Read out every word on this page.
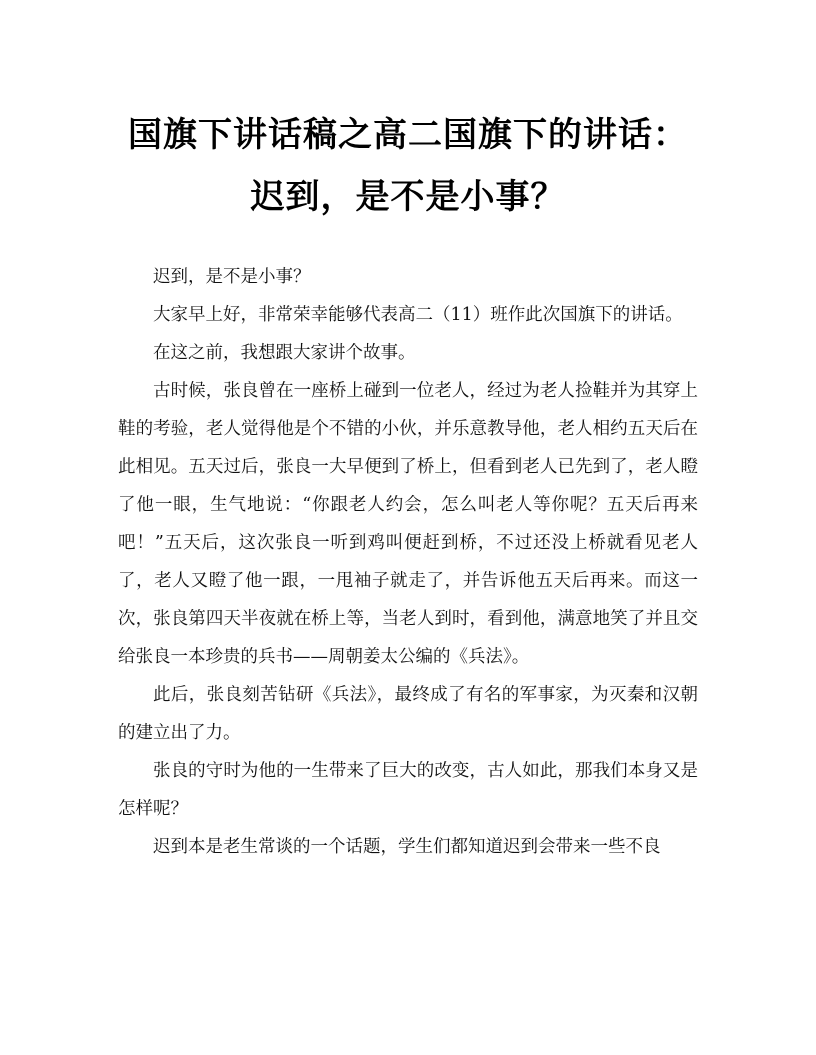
国旗下讲话稿之高二国旗下的讲话：迟到，是不是小事？

迟到，是不是小事？

大家早上好，非常荣幸能够代表高二（11）班作此次国旗下的讲话。

在这之前，我想跟大家讲个故事。

古时候，张良曾在一座桥上碰到一位老人，经过为老人捡鞋并为其穿上鞋的考验，老人觉得他是个不错的小伙，并乐意教导他，老人相约五天后在此相见。五天过后，张良一大早便到了桥上，但看到老人已先到了，老人瞪了他一眼，生气地说：“你跟老人约会，怎么叫老人等你呢？五天后再来吧！”五天后，这次张良一听到鸡叫便赶到桥，不过还没上桥就看见老人了，老人又瞪了他一跟，一甩袖子就走了，并告诉他五天后再来。而这一次，张良第四天半夜就在桥上等，当老人到时，看到他，满意地笑了并且交给张良一本珍贵的兵书——周朝姜太公编的《兵法》。

此后，张良刻苦钻研《兵法》，最终成了有名的军事家，为灭秦和汉朝的建立出了力。

张良的守时为他的一生带来了巨大的改变，古人如此，那我们本身又是怎样呢？

迟到本是老生常谈的一个话题，学生们都知道迟到会带来一些不良
